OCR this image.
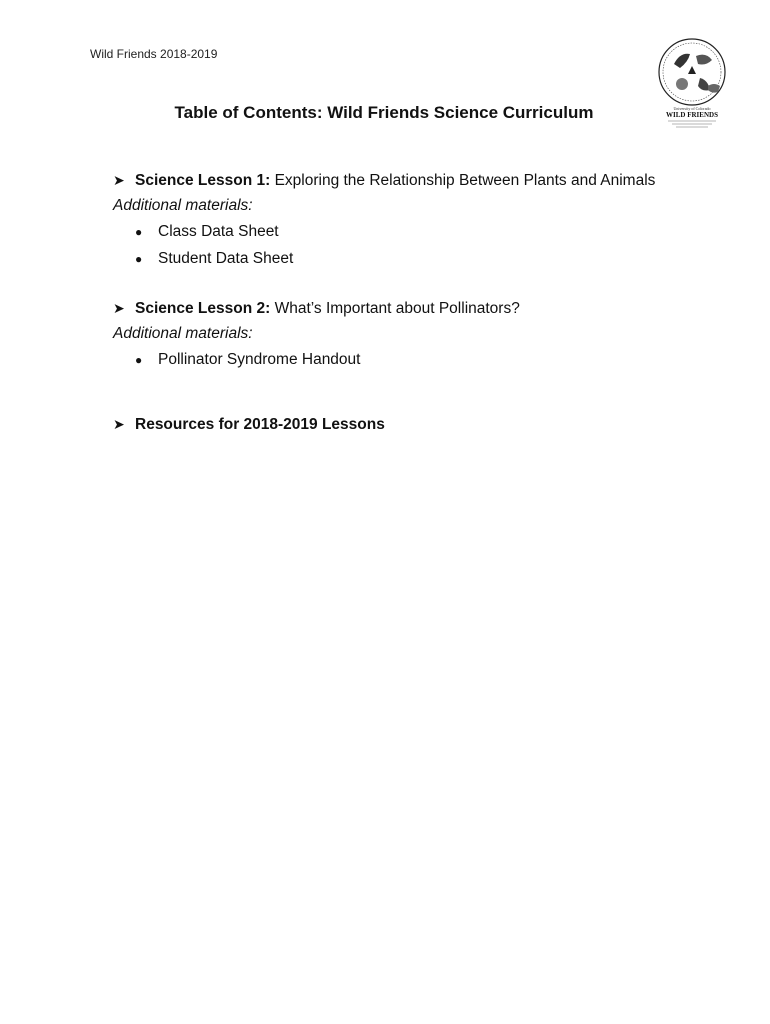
Wild Friends 2018-2019
University of Colorado
WILD FRIENDS
Table of Contents: Wild Friends Science Curriculum
➤ Science Lesson 1: Exploring the Relationship Between Plants and Animals
Additional materials:
● Class Data Sheet
● Student Data Sheet
➤ Science Lesson 2: What’s Important about Pollinators?
Additional materials:
● Pollinator Syndrome Handout
➤ Resources for 2018-2019 Lessons
